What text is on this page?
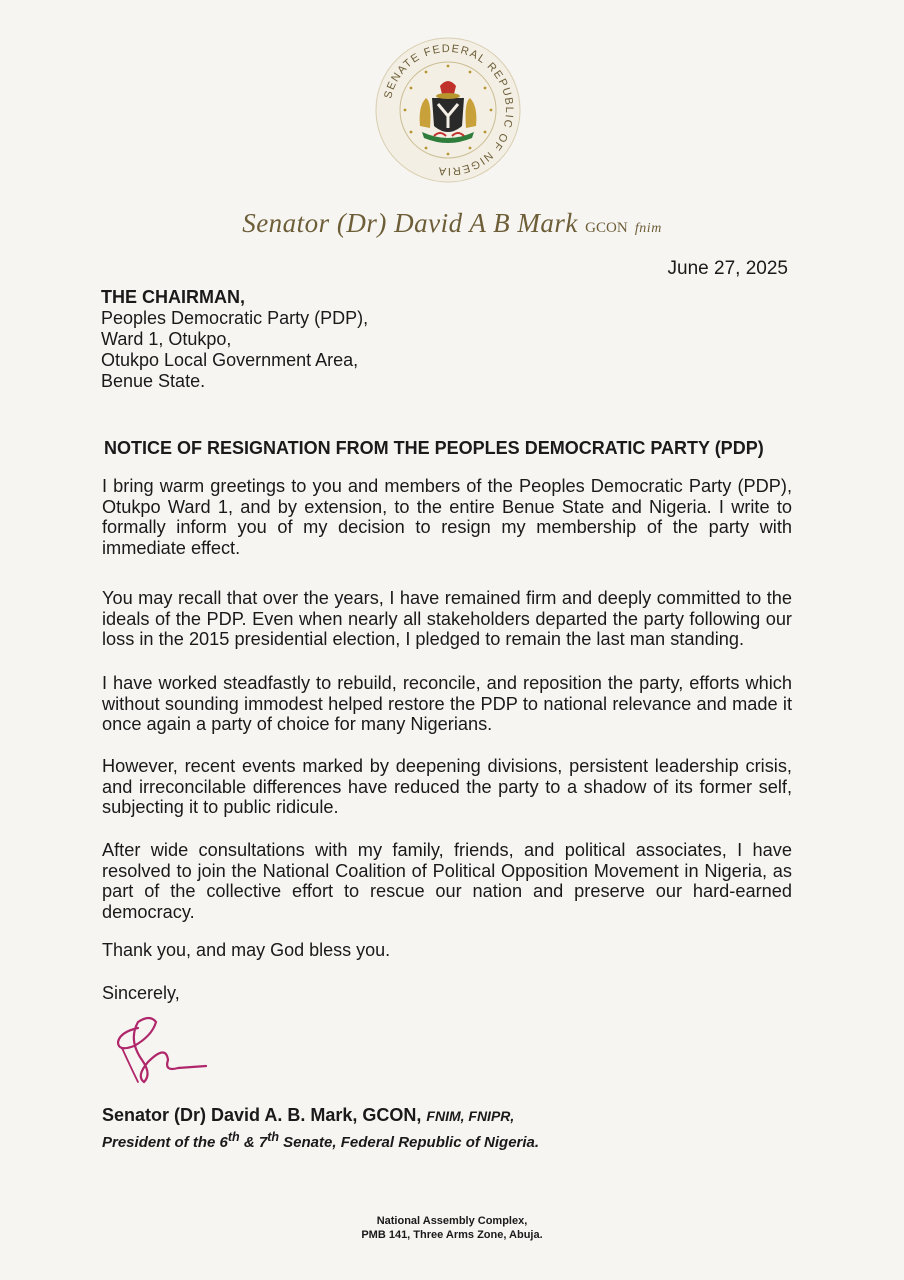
SENATE FEDERAL REPUBLIC OF NIGERIA
Senator (Dr) David A B Mark GCON fnim
June 27, 2025
THE CHAIRMAN,
Peoples Democratic Party (PDP),
Ward 1, Otukpo,
Otukpo Local Government Area,
Benue State.
NOTICE OF RESIGNATION FROM THE PEOPLES DEMOCRATIC PARTY (PDP)

I bring warm greetings to you and members of the Peoples Democratic Party (PDP), Otukpo Ward 1, and by extension, to the entire Benue State and Nigeria. I write to formally inform you of my decision to resign my membership of the party with immediate effect.

You may recall that over the years, I have remained firm and deeply committed to the ideals of the PDP. Even when nearly all stakeholders departed the party following our loss in the 2015 presidential election, I pledged to remain the last man standing.

I have worked steadfastly to rebuild, reconcile, and reposition the party, efforts which without sounding immodest helped restore the PDP to national relevance and made it once again a party of choice for many Nigerians.

However, recent events marked by deepening divisions, persistent leadership crisis, and irreconcilable differences have reduced the party to a shadow of its former self, subjecting it to public ridicule.

After wide consultations with my family, friends, and political associates, I have resolved to join the National Coalition of Political Opposition Movement in Nigeria, as part of the collective effort to rescue our nation and preserve our hard-earned democracy.

Thank you, and may God bless you.
Sincerely,
Senator (Dr) David A. B. Mark, GCON, FNIM, FNIPR,
President of the 6th & 7th Senate, Federal Republic of Nigeria.
National Assembly Complex,
PMB 141, Three Arms Zone, Abuja.
